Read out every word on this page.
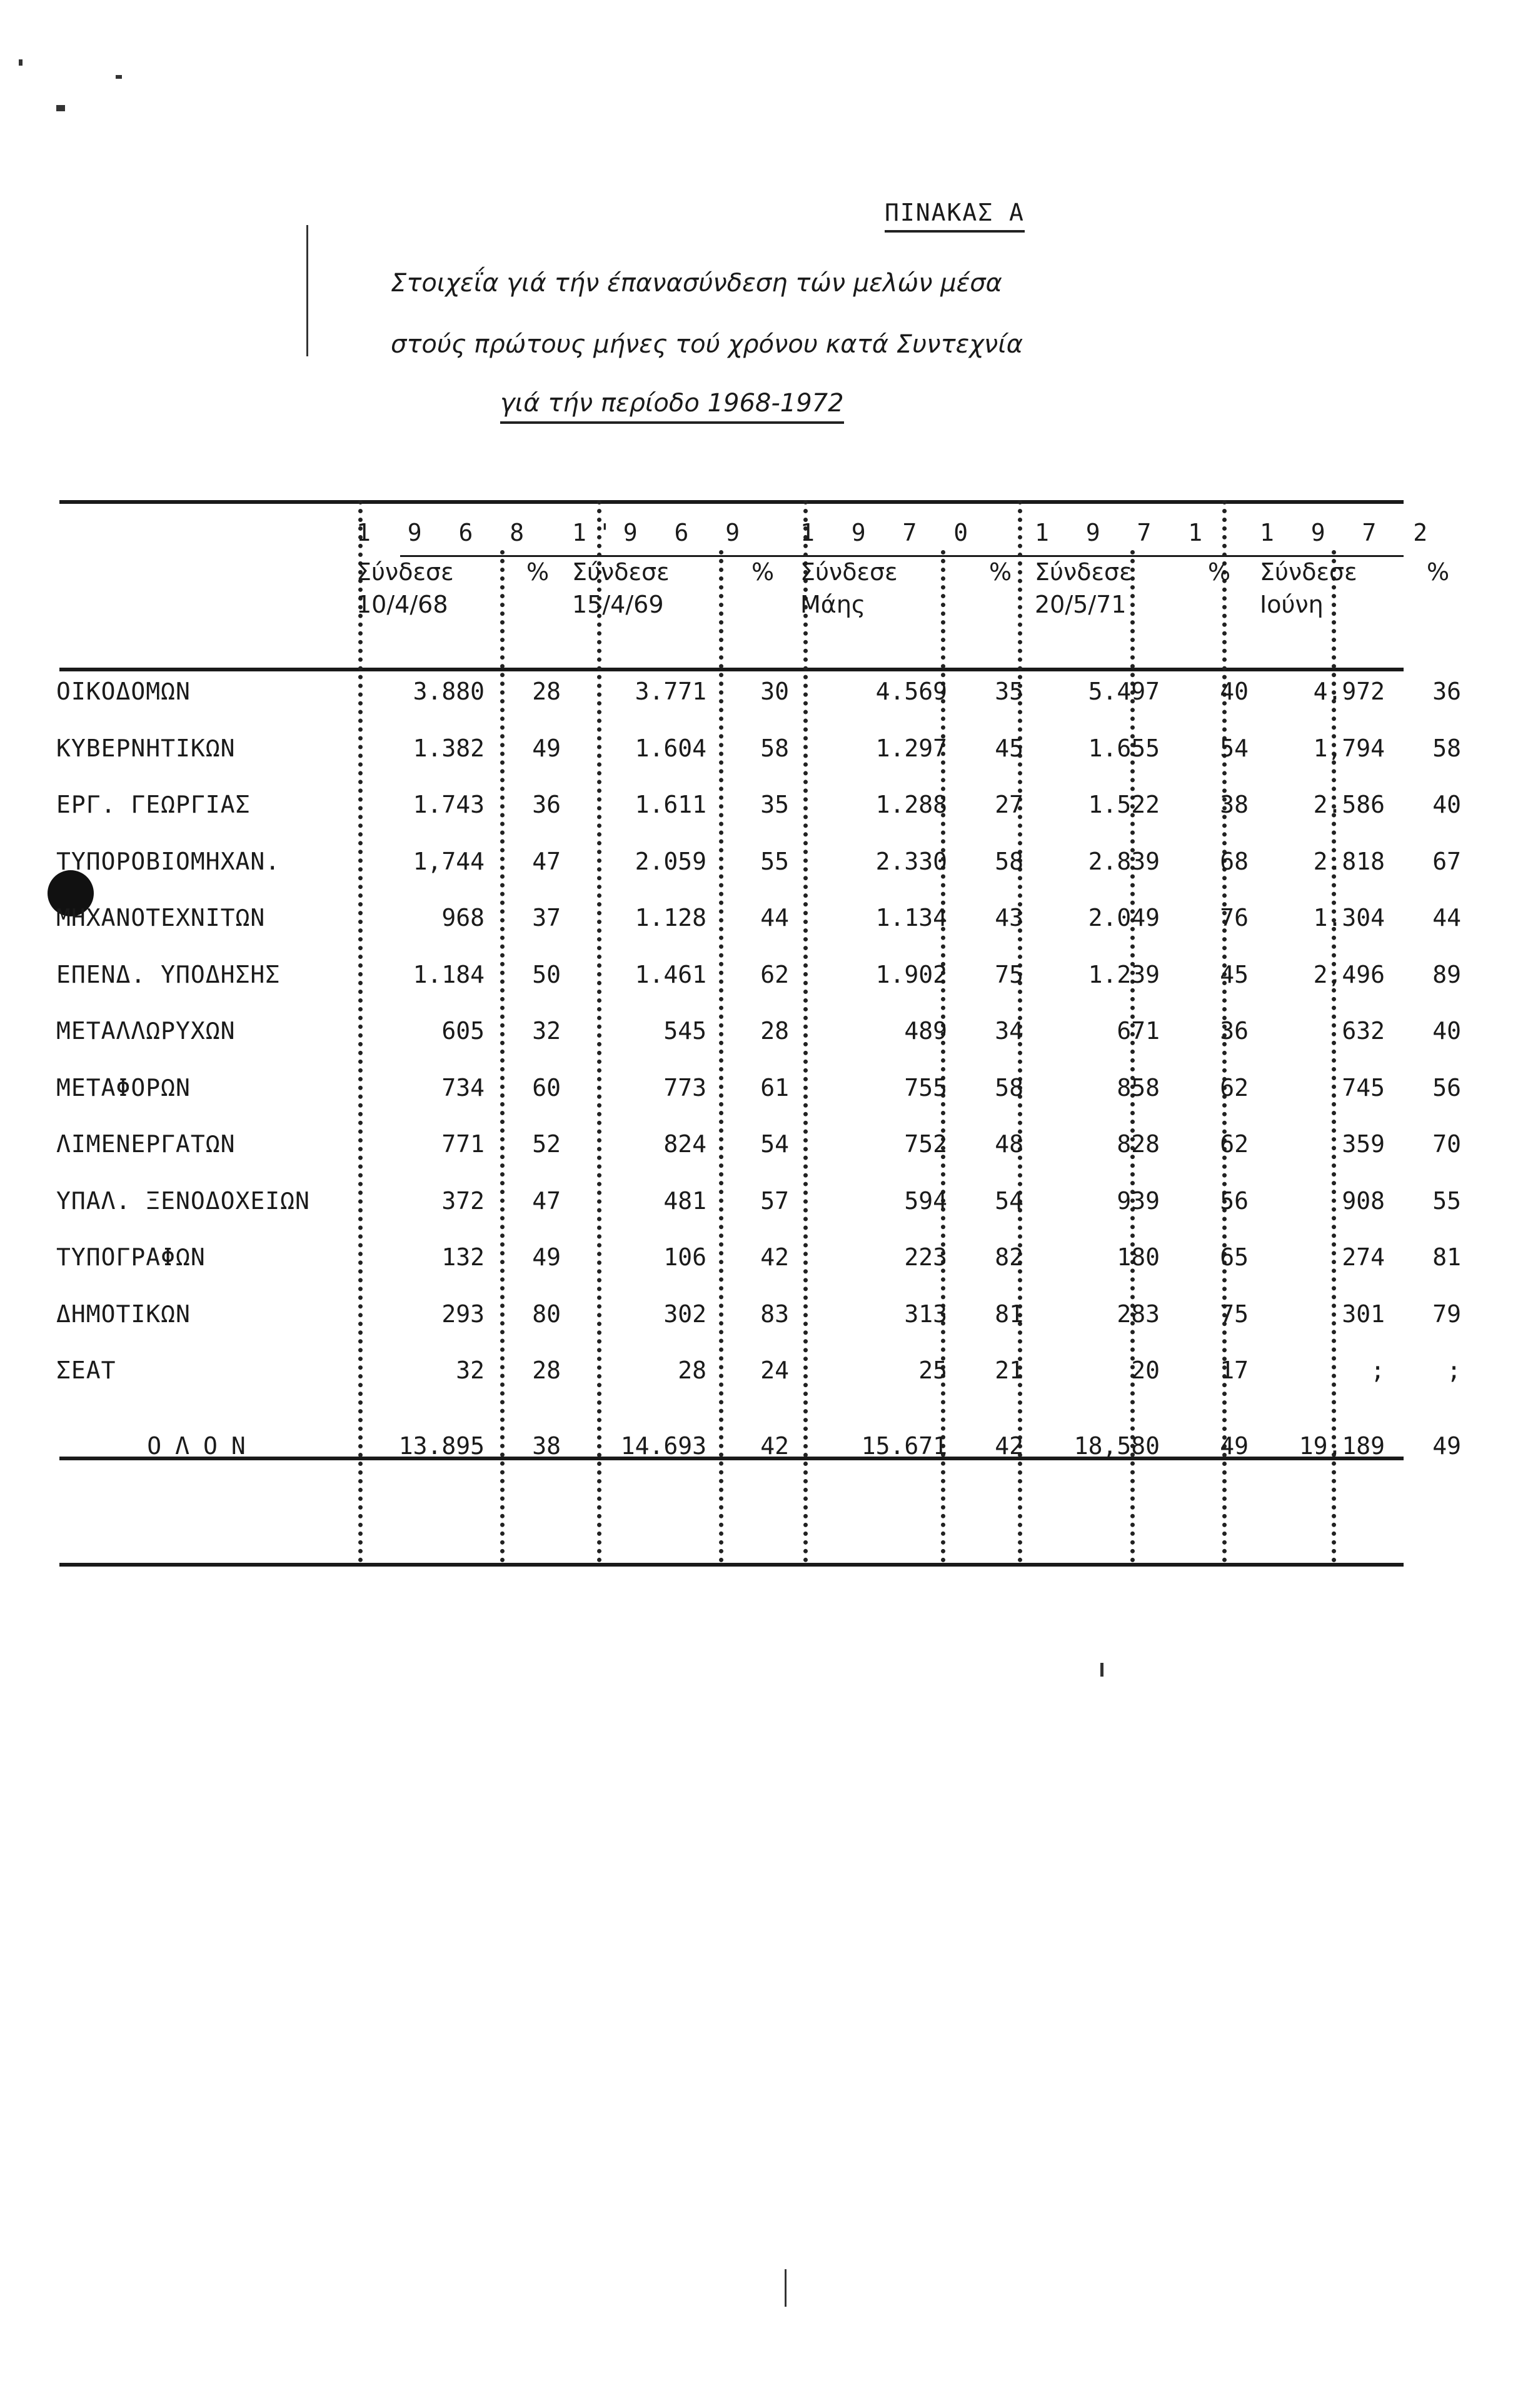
ΠΙΝΑΚΑΣ Α
Στοιχεΐα γιά τήν έπανασύνδεση τών μελών μέσα
στούς πρώτους μήνες τού χρόνου κατά Συντεχνία
γιά τήν περίοδο 1968-1972
	1 9 6 8		1'9 6 9		1 9 7 0		1 9 7 1		1 9 7 2	
	Σύνδεσε 10/4/68	%	Σύνδεσε 15/4/69	%	Σύνδεσε Μάης	%	Σύνδεσε 20/5/71	%	Σύνδεσε Ιούνη	%

ΟΙΚΟΔΟΜΩΝ	3.880	28	3.771	30	4.569	35	5.497	40	4.972	36
ΚΥΒΕΡΝΗΤΙΚΩΝ	1.382	49	1.604	58	1.297	45	1.655	54	1,794	58
ΕΡΓ. ΓΕΩΡΓΙΑΣ	1.743	36	1.611	35	1.288	27	1.522	38	2.586	40
ΤΥΠΟΡΟΒΙΟΜΗΧΑΝ.	1,744	47	2.059	55	2.330	58	2.839	68	2.818	67
ΜΗΧΑΝΟΤΕΧΝΙΤΩΝ	968	37	1.128	44	1.134	43	2.049	76	1.304	44
ΕΠΕΝΔ. ΥΠΟΔΗΣΗΣ	1.184	50	1.461	62	1.902	75	1.239	45	2,496	89
ΜΕΤΑΛΛΩΡΥΧΩΝ	605	32	545	28	489	34	671	36	632	40
ΜΕΤΑΦΟΡΩΝ	734	60	773	61	755	58	858	62	745	56
ΛΙΜΕΝΕΡΓΑΤΩΝ	771	52	824	54	752	48	828	62	359	70
ΥΠΑΛ. ΞΕΝΟΔΟΧΕΙΩΝ	372	47	481	57	594	54	939	56	908	55
ΤΥΠΟΓΡΑΦΩΝ	132	49	106	42	223	82	180	65	274	81
ΔΗΜΟΤΙΚΩΝ	293	80	302	83	313	81	283	75	301	79
ΣΕΑΤ	32	28	28	24	25	21	20	17	;	;
ΟΛΟΝ	13.895	38	14.693	42	15.671	42	18,580	49	19.189	49
